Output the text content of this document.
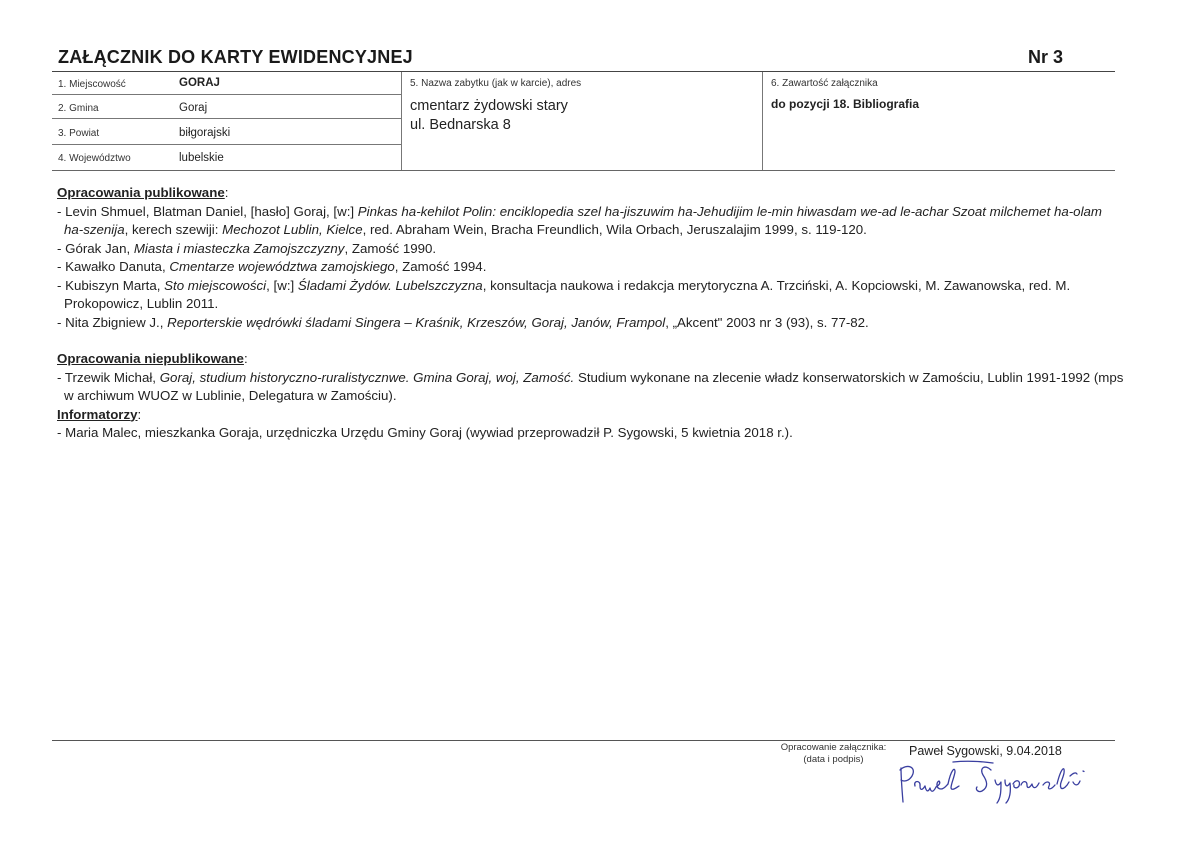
ZAŁĄCZNIK DO KARTY EWIDENCYJNEJ	Nr 3
1. Miejscowość	GORAJ
2. Gmina	Goraj
3. Powiat	biłgorajski
4. Województwo	lubelskie
5. Nazwa zabytku (jak w karcie), adres
cmentarz żydowski stary
ul. Bednarska 8
6. Zawartość załącznika
do pozycji 18. Bibliografia
Opracowania publikowane:
- Levin Shmuel, Blatman Daniel, [hasło] Goraj, [w:] Pinkas ha-kehilot Polin: enciklopedia szel ha-jiszuwim ha-Jehudijim le-min hiwasdam we-ad le-achar Szoat milchemet ha-olam
ha-szenija, kerech szewiji: Mechozot Lublin, Kielce, red. Abraham Wein, Bracha Freundlich, Wila Orbach, Jeruszalajim 1999, s. 119-120.
- Górak Jan, Miasta i miasteczka Zamojszczyzny, Zamość 1990.
- Kawałko Danuta, Cmentarze województwa zamojskiego, Zamość 1994.
- Kubiszyn Marta, Sto miejscowości, [w:] Śladami Żydów. Lubelszczyzna, konsultacja naukowa i redakcja merytoryczna A. Trzciński, A. Kopciowski, M. Zawanowska, red. M.
Prokopowicz, Lublin 2011.
- Nita Zbigniew J., Reporterskie wędrówki śladami Singera – Kraśnik, Krzeszów, Goraj, Janów, Frampol, „Akcent" 2003 nr 3 (93), s. 77-82.
Opracowania niepublikowane:
- Trzewik Michał, Goraj, studium historyczno-ruralistycznwe. Gmina Goraj, woj, Zamość. Studium wykonane na zlecenie władz konserwatorskich w Zamościu, Lublin 1991-1992 (mps
w archiwum WUOZ w Lublinie, Delegatura w Zamościu).
Informatorzy:
- Maria Malec, mieszkanka Goraja, urzędniczka Urzędu Gminy Goraj (wywiad przeprowadził P. Sygowski, 5 kwietnia 2018 r.).
Opracowanie załącznika:
(data i podpis)
Paweł Sygowski, 9.04.2018
